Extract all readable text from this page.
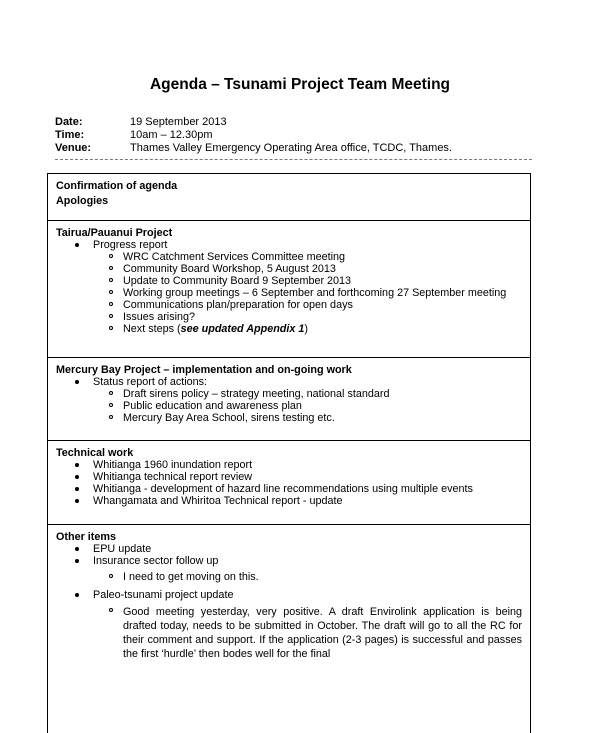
Agenda – Tsunami Project Team Meeting
Date:	19 September 2013
Time:	10am – 12.30pm
Venue:	Thames Valley Emergency Operating Area office, TCDC, Thames.

Confirmation of agenda

Apologies

Tairua/Pauanui Project

Progress report
WRC Catchment Services Committee meeting
Community Board Workshop, 5 August 2013
Update to Community Board 9 September 2013
Working group meetings – 6 September and forthcoming 27 September meeting
Communications plan/preparation for open days
Issues arising?
Next steps (see updated Appendix 1)

Mercury Bay Project – implementation and on-going work

Status report of actions:
Draft sirens policy – strategy meeting, national standard
Public education and awareness plan
Mercury Bay Area School, sirens testing etc.

Technical work

Whitianga 1960 inundation report
Whitianga technical report review
Whitianga - development of hazard line recommendations using multiple events
Whangamata and Whiritoa Technical report - update

Other items

EPU update
Insurance sector follow up
I need to get moving on this.
Paleo-tsunami project update
Good meeting yesterday, very positive. A draft Envirolink application is being drafted today, needs to be submitted in October. The draft will go to all the RC for their comment and support. If the application (2-3 pages) is successful and passes the first ‘hurdle’ then bodes well for the final
